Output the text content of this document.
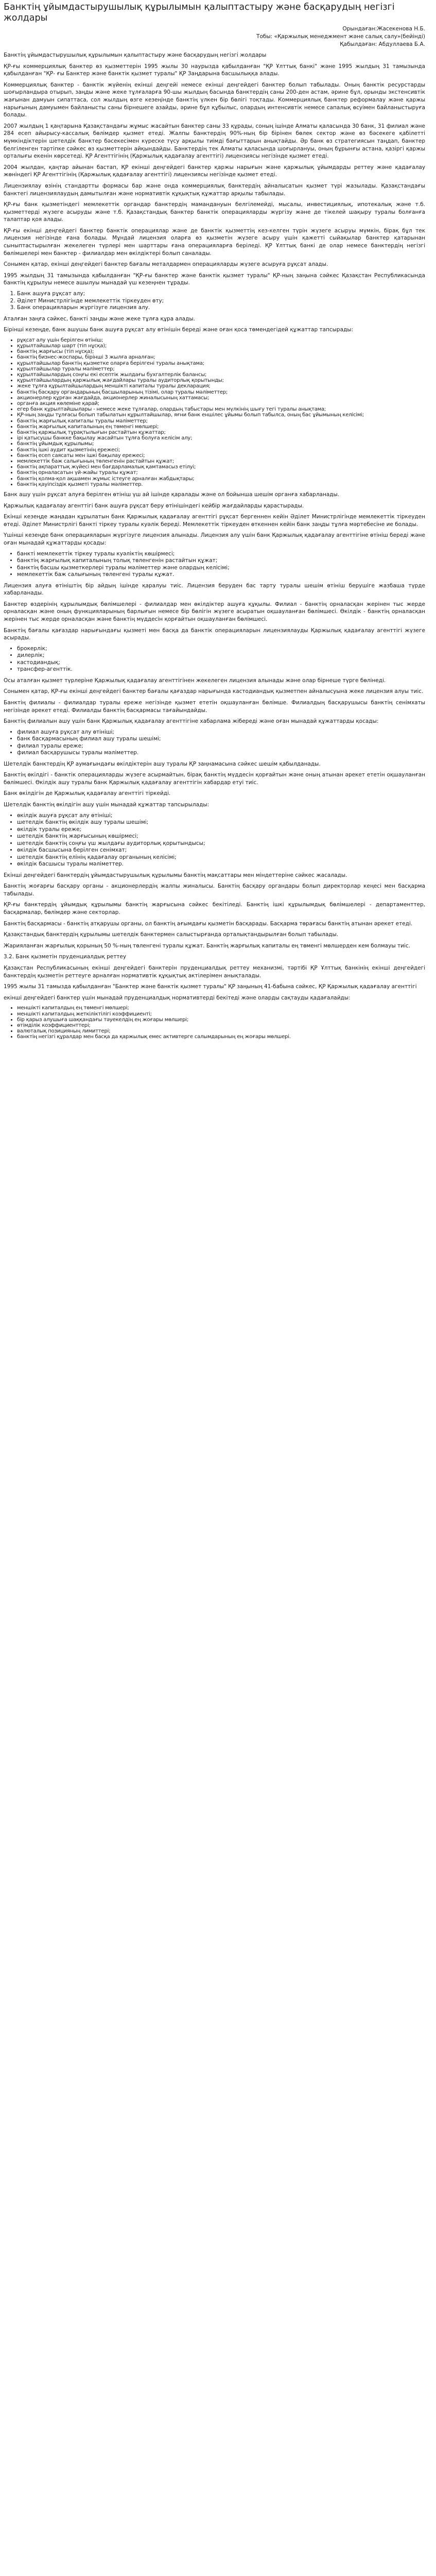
Банктің ұйымдастырушылық құрылымын қалыптастыру және басқарудың негізгі жолдары

Орындаған:Жасекенова Н.Б.

Тобы: «Қаржылық менеджмент және салық салу»(бейінді)

Қабылдаған: Абдуллаева Б.А.

Банктің ұйымдастырушылық құрылымын қалыптастыру және басқарудың негізгі жолдары

ҚР-ғы коммерциялық банктер өз қызметтерін 1995 жылы 30 наурызда қабылданған "ҚР Ұлттық банкі" және 1995 жылдың 31 тамызында қабылданған "ҚР- ғы Банктер және банктік қызмет туралы" ҚР Заңдарына басшылыққа алады.

Коммерциялық банктер - банктік жүйенің екінші деңгейі немесе екінші деңгейдегі банктер болып табылады. Оның банктік ресурстарды шоғырландыра отырып, заңды және жеке тұлғаларға 90-шы жылдың басында банктердің саны 200-ден астам, әрине бұл, орынды экстенсивтік жағынан дамуын сипаттаса, сол жылдың өзге кезеңінде банктің үлкен бір бөлігі тоқтады. Коммерциялық банктер реформалау және қаржы нарығының дамуымен байланысты саны бірнешеге азайды, әрине бұл құбылыс, олардың интенсивтік немесе сапалық өсуімен байланыстыруға болады.

2007 жылдың 1 қаңтарына Қазақстандағы жұмыс жасайтын банктер саны 33 құрады, соның ішінде Алматы қаласында 30 банк, 31 филиал және 284 есеп айырысу-кассалық бөлімдер қызмет етеді. Жалпы банктердің 90%-ның бір бірінен бөлек сектор және өз бәсекеге қабілетті мүмкіндіктерін шетелдік банктер бәсекесімен күреске түсу арқылы тиімді бағыттарын анықтайды. Әр банк өз стратегиясын таңдап, банктер белгіленген тәртіпке сәйкес өз қызметтерін айқындайды. Банктердің тек Алматы қаласында шоғырлануы, оның бұрынғы астана, қазіргі қаржы орталығы екенін көрсетеді. ҚР Агенттігінің (Қаржылық қадағалау агенттігі) лицензиясы негізінде қызмет етеді.

2004 жылдан, қаңтар айынан бастап, ҚР екінші деңгейдегі банктер қаржы нарығын және қаржылық ұйымдарды реттеу және қадағалау жөніндегі ҚР Агенттігінің (Қаржылық қадағалау агенттігі) лицензиясы негізінде қызмет етеді.

Лицензиялау өзінің стандартты формасы бар және онда коммерциялық банктердің айналысатын қызмет түрі жазылады. Қазақстандағы банктегі лицензиялаудың дамытылған және нормативтік құқықтық құжаттар арқылы табылады.

ҚР-ғы банк қызметіндегі мемлекеттік органдар банктердің мамандануын белгілемейді, мысалы, инвестициялық, ипотекалық және т.б. қызметтерді жүзеге асыруды және т.б. Қазақстандық банктер банктік операцияларды жүргізу және де тікелей шақыру туралы болғанға талаптар қоя алады.

ҚР-ғы екінші деңгейдегі банктер банктік операциялар және де банктік қызметтің кез-келген түрін жүзеге асыруы мүмкін, бірақ бұл тек лицензия негізінде ғана болады. Мұндай лицензия оларға өз қызметін жүзеге асыру үшін қажетті сыйақылар банктер қатарынан сыныптастырылған жекелеген түрлері мен шарттары ғана операцияларға беріледі. ҚР Ұлттық банкі де олар немесе банктердің негізгі бөлімшелері мен банктер - филиалдар мен өкілдіктері болып саналады.

Сонымен қатар, екінші деңгейдегі банктер бағалы металдармен операцияларды жүзеге асыруға рұқсат алады.

1995 жылдың 31 тамызында қабылданған "ҚР-ғы банктер және банктік қызмет туралы" ҚР-ның заңына сәйкес Қазақстан Республикасында банктің құрылуы немесе ашылуы мынадай үш кезеңнен тұрады.

1. Банк ашуға рұқсат алу;
2. Әділет Министрлігінде мемлекеттік тіркеуден өту;
3. Банк операцияларын жүргізуге лицензия алу.

Аталған заңға сәйкес, банкті заңды және жеке тұлға құра алады.

Бірінші кезеңде, банк ашушы банк ашуға рұқсат алу өтінішін береді және оған қоса төмендегідей құжаттар тапсырады:

• рұқсат алу үшін берілген өтініш;
• құрылтайшылар шарт (тіп нұсқа);
• банктің жарғысы (тіп нұсқа);
• банктің бизнес-жоспары, бірінші 3 жылға арналған;
• құрылтайшылар банктің қызметке оларға берілгені туралы анықтама;
• құрылтайшылар туралы мәліметтер;
• құрылтайшылардың соңғы екі есептік жылдағы бухгалтерлік балансы;
• құрылтайшылардың қаржылық жағдайлары туралы аудиторлық қорытынды;
• жеке тұлға құрылтайшылардың меншікті капиталы туралы декларация;
• банктің басқару органдарының басшыларының тізімі, олар туралы мәліметтер;
• акционерлер құрған жағдайда, акционерлер жиналысының хаттамасы;
• органға акция көлеміне қарай;
• егер банк құрылтайшылары - немесе жеке тұлғалар, олардың табыстары мен мүлкінің шығу тегі туралы анықтама;
• ҚР-ның заңды тұлғасы болып табылатын құрылтайшылар, яғни банк еншілес ұйымы болып табылса, оның бас ұйымының келісімі;
• банктің жарғылық капиталы туралы мәліметтер;
• банктің жарғылық капиталының ең төменгі мөлшері;
• банктің қаржылық тұрақтылығын растайтын құжаттар;
• ірі қатысушы банкке бақылау жасайтын тұлға болуға келісім алу;
• банктің ұйымдық құрылымы;
• банктің ішкі аудит қызметінің ережесі;
• банктің есеп саясаты мен ішкі бақылау ережесі;
• мемлекеттік баж салығының төленгенін растайтын құжат;
• банктің ақпараттық жүйесі мен бағдарламалық қамтамасыз етілуі;
• банктің орналасатын үй-жайы туралы құжат;
• банктің қолма-қол ақшамен жұмыс істеуге арналған жабдықтары;
• банктің қауіпсіздік қызметі туралы мәліметтер.

Банк ашу үшін рұқсат алуға берілген өтініш үш ай ішінде қаралады және ол бойынша шешім органға хабарланады.

Қаржылық қадағалау агенттігі банк ашуға рұқсат беру өтінішіндегі кейбір жағдайларды қарастырады.

Екінші кезеңде жаңадан құрылатын банк Қаржылық қадағалау агенттігі рұқсат бергеннен кейін Әділет Министрлігінде мемлекеттік тіркеуден өтеді. Әділет Министрлігі банкті тіркеу туралы куәлік береді. Мемлекеттік тіркеуден өткеннен кейін банк заңды тұлға мәртебесіне ие болады.

Үшінші кезеңде банк операцияларын жүргізуге лицензия алынады. Лицензия алу үшін банк Қаржылық қадағалау агенттігіне өтініш береді және оған мынадай құжаттарды қосады:

• банкті мемлекеттік тіркеу туралы куәліктің көшірмесі;
• банктің жарғылық капиталының толық төленгенін растайтын құжат;
• банктің басшы қызметкерлері туралы мәліметтер және олардың келісімі;
• мемлекеттік баж салығының төленгені туралы құжат.

Лицензия алуға өтініштің бір айдың ішінде қаралуы тиіс. Лицензия беруден бас тарту туралы шешім өтініш берушіге жазбаша түрде хабарланады.

Банктер өздерінің құрылымдық бөлімшелері - филиалдар мен өкілдіктер ашуға құқылы. Филиал - банктің орналасқан жерінен тыс жерде орналасқан және оның функцияларының барлығын немесе бір бөлігін жүзеге асыратын оқшауланған бөлімшесі. Өкілдік - банктің орналасқан жерінен тыс жерде орналасқан және банктің мүддесін қорғайтын оқшауланған бөлімшесі.

Банктің бағалы қағаздар нарығындағы қызметі мен басқа да банктік операцияларын лицензиялауды Қаржылық қадағалау агенттігі жүзеге асырады.

• брокерлік;
• дилерлік;
• кастодиандық;
• трансфер-агенттік.

Осы аталған қызмет түрлеріне Қаржылық қадағалау агенттігінен жекелеген лицензия алынады және олар бірнеше түрге бөлінеді.

Сонымен қатар, ҚР-ғы екінші деңгейдегі банктер бағалы қағаздар нарығында кастодиандық қызметпен айналысуына жеке лицензия алуы тиіс.

Банктің филиалы - филиалдар туралы ереже негізінде қызмет ететін оқшауланған бөлімше. Филиалдың басқарушысы банктің сенімхаты негізінде әрекет етеді. Филиалды банктің басқармасы тағайындайды.

Банктің филиалын ашу үшін банк Қаржылық қадағалау агенттігіне хабарлама жібереді және оған мынадай құжаттарды қосады:

• филиал ашуға рұқсат алу өтініші;
• банк басқармасының филиал ашу туралы шешімі;
• филиал туралы ереже;
• филиал басқарушысы туралы мәліметтер.

Шетелдік банктердің ҚР аумағындағы өкілдіктерін ашу туралы ҚР заңнамасына сәйкес шешім қабылданады.

Банктің өкілдігі - банктік операцияларды жүзеге асырмайтын, бірақ банктің мүддесін қорғайтын және оның атынан әрекет ететін оқшауланған бөлімшесі. Өкілдік ашу туралы банк Қаржылық қадағалау агенттігін хабардар етуі тиіс.

Банк өкілдігін де Қаржылық қадағалау агенттігі тіркейді.

Шетелдік банктің өкілдігін ашу үшін мынадай құжаттар тапсырылады:

• өкілдік ашуға рұқсат алу өтініші;
• шетелдік банктің өкілдік ашу туралы шешімі;
• өкілдік туралы ереже;
• шетелдік банктің жарғысының көшірмесі;
• шетелдік банктің соңғы үш жылдағы аудиторлық қорытындысы;
• өкілдік басшысына берілген сенімхат;
• шетелдік банктің елінің қадағалау органының келісімі;
• өкілдік басшысы туралы мәліметтер.

Екінші деңгейдегі банктердің ұйымдастырушылық құрылымы банктің мақсаттары мен міндеттеріне сәйкес жасалады.

Банктің жоғарғы басқару органы - акционерлердің жалпы жиналысы. Банктің басқару органдары болып директорлар кеңесі мен басқарма табылады.

ҚР-ғы банктердің ұйымдық құрылымы банктің жарғысына сәйкес бекітіледі. Банктің ішкі құрылымдық бөлімшелері - департаменттер, басқармалар, бөлімдер және секторлар.

Банктің басқармасы - банктің атқарушы органы, ол банктің ағымдағы қызметін басқарады. Басқарма төрағасы банктің атынан әрекет етеді.

Қазақстандық банктердің құрылымы шетелдік банктермен салыстырғанда орталықтандырылған болып табылады.

Жарияланған жарғылық қорының 50 %-ның төленгені туралы құжат. Банктің жарғылық капиталы ең төменгі мөлшерден кем болмауы тиіс.

3.2. Банк қызметін пруденциалдық реттеу

Қазақстан Республикасының екінші деңгейдегі банктерін пруденциалдық реттеу механизмі, тәртібі ҚР Ұлттық банкінің екінші деңгейдегі банктердің қызметін реттеуге арналған нормативтік құқықтық актілерімен анықталады.

1995 жылы 31 тамызда қабылданған "Банктер және банктік қызмет туралы" ҚР заңының 41-бабына сәйкес, ҚР Қаржылық қадағалау агенттігі

екінші деңгейдегі банктер үшін мынадай пруденциалдық нормативтерді бекітеді және оларды сақтауды қадағалайды:

• меншікті капиталдың ең төменгі мөлшері;
• меншікті капиталдың жеткіліктілігі коэффициенті;
• бір қарыз алушыға шаққандағы тәуекелдің ең жоғары мөлшері;
• өтімділік коэффициенттері;
• валюталық позицияның лимиттері;
• банктің негізгі құралдар мен басқа да қаржылық емес активтерге салымдарының ең жоғары мөлшері.
